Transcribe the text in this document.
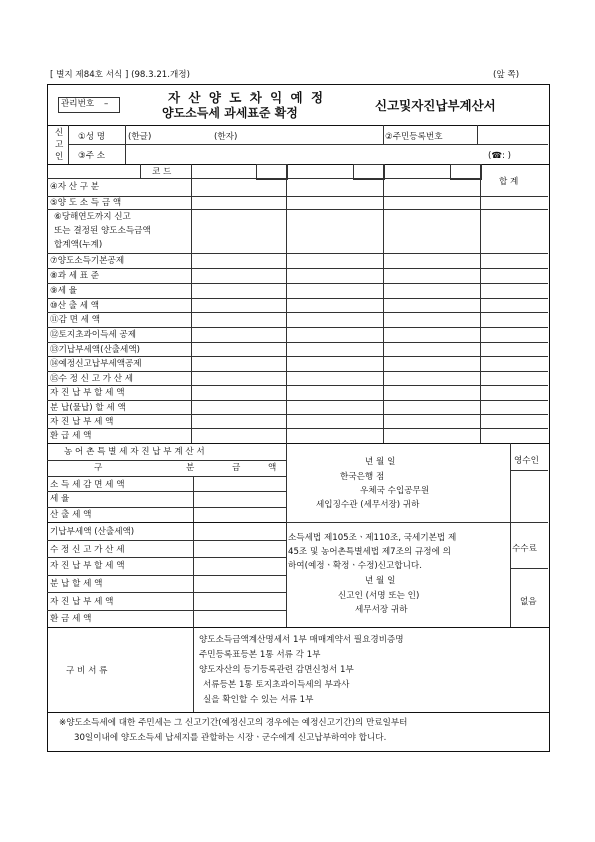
[ 별지 제84호 서식 ] (98.3.21.개정)	(앞 쪽)
관리번호 –	자 산 양 도 차 익 예 정
양도소득세 과세표준 확정	신고및자진납부계산서
신
고
인
①성 명	(한글)	(한자)	②주민등록번호
③주 소	(☎: )
코 드
④자 산 구 분	합 계
⑤양 도 소 득 금 액
⑥당해연도까지 신고
또는 결정된 양도소득금액
합계액(누계)
⑦양도소득기본공제
⑧과 세 표 준
⑨세 율
⑩산 출 세 액
⑪감 면 세 액
⑫토지초과이득세 공제
⑬기납부세액(산출세액)
⑭예정신고납부세액공제
⑮수 정 신 고 가 산 세
자 진 납 부 할 세 액
분 납(물납) 할 세 액
자 진 납 부 세 액
환 급 세 액
농 어 촌 특 별 세 자 진 납 부 계 산 서
구	분	금	액
소 득 세 감 면 세 액
세 율
산 출 세 액
기납부세액 (산출세액)
수 정 신 고 가 산 세
자 진 납 부 할 세 액
분 납 할 세 액
자 진 납 부 세 액
환 금 세 액
년 월 일
한국은행 점
우체국 수입공무원
세입징수관 (세무서장) 귀하
영수인
소득세법 제105조ㆍ제110조, 국세기본법 제
45조 및 농어촌특별세법 제7조의 규정에 의
하여(예정ㆍ확정ㆍ수정)신고합니다.
년 월 일
신고인 (서명 또는 인)
세무서장 귀하
수수료
없음
구 비 서 류
양도소득금액계산명세서 1부 매매계약서 필요경비증명
주민등록표등본 1통 서류 각 1부
양도자산의 등기등록관련 감면신청서 1부
서류등본 1통 토지초과이득세의 부과사
실을 확인할 수 있는 서류 1부
※양도소득세에 대한 주민세는 그 신고기간(예정신고의 경우에는 예정신고기간)의 만료일부터
30일이내에 양도소득세 납세지를 관할하는 시장ㆍ군수에게 신고납부하여야 합니다.
